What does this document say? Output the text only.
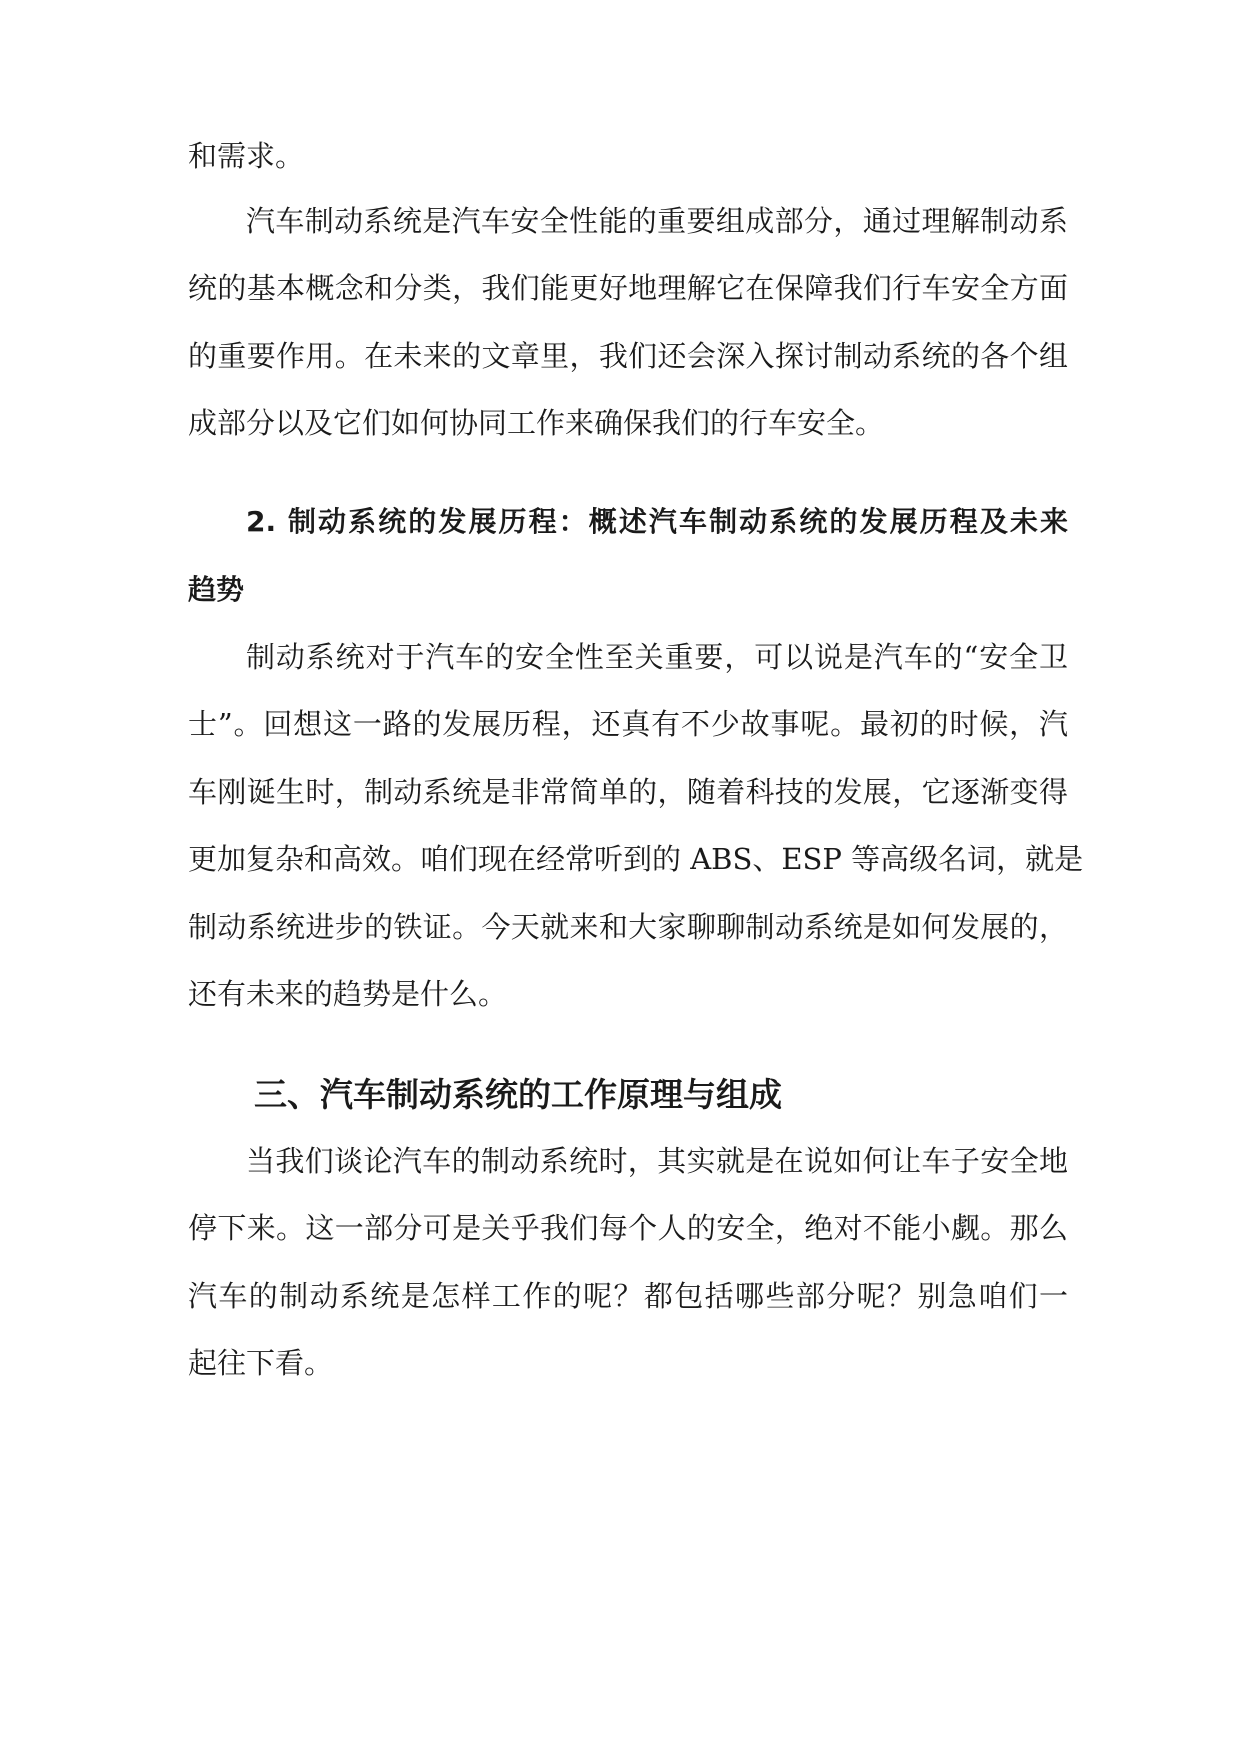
和需求。
汽车制动系统是汽车安全性能的重要组成部分，通过理解制动系
统的基本概念和分类，我们能更好地理解它在保障我们行车安全方面
的重要作用。在未来的文章里，我们还会深入探讨制动系统的各个组
成部分以及它们如何协同工作来确保我们的行车安全。
2. 制动系统的发展历程：概述汽车制动系统的发展历程及未来
趋势
制动系统对于汽车的安全性至关重要，可以说是汽车的“安全卫
士”。回想这一路的发展历程，还真有不少故事呢。最初的时候，汽
车刚诞生时，制动系统是非常简单的，随着科技的发展，它逐渐变得
更加复杂和高效。咱们现在经常听到的 ABS、ESP 等高级名词，就是
制动系统进步的铁证。今天就来和大家聊聊制动系统是如何发展的，
还有未来的趋势是什么。
三、汽车制动系统的工作原理与组成
当我们谈论汽车的制动系统时，其实就是在说如何让车子安全地
停下来。这一部分可是关乎我们每个人的安全，绝对不能小觑。那么
汽车的制动系统是怎样工作的呢？都包括哪些部分呢？别急咱们一
起往下看。
